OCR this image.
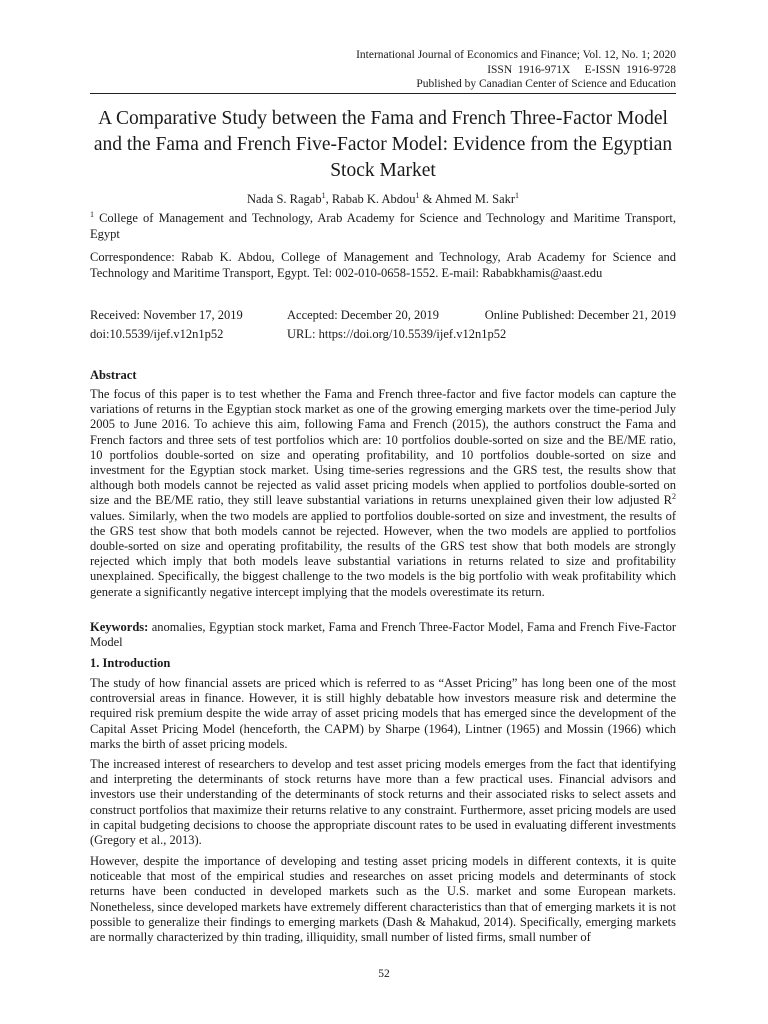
International Journal of Economics and Finance; Vol. 12, No. 1; 2020
ISSN  1916-971X     E-ISSN  1916-9728
Published by Canadian Center of Science and Education
A Comparative Study between the Fama and French Three-Factor Model and the Fama and French Five-Factor Model: Evidence from the Egyptian Stock Market
Nada S. Ragab$^1$, Rabab K. Abdou$^1$ & Ahmed M. Sakr$^1$
$^1$ College of Management and Technology, Arab Academy for Science and Technology and Maritime Transport, Egypt
Correspondence: Rabab K. Abdou, College of Management and Technology, Arab Academy for Science and Technology and Maritime Transport, Egypt. Tel: 002-010-0658-1552. E-mail: Rababkhamis@aast.edu
Received: November 17, 2019	Accepted: December 20, 2019	Online Published: December 21, 2019
doi:10.5539/ijef.v12n1p52	URL: https://doi.org/10.5539/ijef.v12n1p52
Abstract
The focus of this paper is to test whether the Fama and French three-factor and five factor models can capture the variations of returns in the Egyptian stock market as one of the growing emerging markets over the time-period July 2005 to June 2016. To achieve this aim, following Fama and French (2015), the authors construct the Fama and French factors and three sets of test portfolios which are: 10 portfolios double-sorted on size and the BE/ME ratio, 10 portfolios double-sorted on size and operating profitability, and 10 portfolios double-sorted on size and investment for the Egyptian stock market. Using time-series regressions and the GRS test, the results show that although both models cannot be rejected as valid asset pricing models when applied to portfolios double-sorted on size and the BE/ME ratio, they still leave substantial variations in returns unexplained given their low adjusted $R^2$ values. Similarly, when the two models are applied to portfolios double-sorted on size and investment, the results of the GRS test show that both models cannot be rejected. However, when the two models are applied to portfolios double-sorted on size and operating profitability, the results of the GRS test show that both models are strongly rejected which imply that both models leave substantial variations in returns related to size and profitability unexplained. Specifically, the biggest challenge to the two models is the big portfolio with weak profitability which generate a significantly negative intercept implying that the models overestimate its return.
Keywords: anomalies, Egyptian stock market, Fama and French Three-Factor Model, Fama and French Five-Factor Model
1. Introduction
The study of how financial assets are priced which is referred to as “Asset Pricing” has long been one of the most controversial areas in finance. However, it is still highly debatable how investors measure risk and determine the required risk premium despite the wide array of asset pricing models that has emerged since the development of the Capital Asset Pricing Model (henceforth, the CAPM) by Sharpe (1964), Lintner (1965) and Mossin (1966) which marks the birth of asset pricing models.
The increased interest of researchers to develop and test asset pricing models emerges from the fact that identifying and interpreting the determinants of stock returns have more than a few practical uses. Financial advisors and investors use their understanding of the determinants of stock returns and their associated risks to select assets and construct portfolios that maximize their returns relative to any constraint. Furthermore, asset pricing models are used in capital budgeting decisions to choose the appropriate discount rates to be used in evaluating different investments (Gregory et al., 2013).
However, despite the importance of developing and testing asset pricing models in different contexts, it is quite noticeable that most of the empirical studies and researches on asset pricing models and determinants of stock returns have been conducted in developed markets such as the U.S. market and some European markets. Nonetheless, since developed markets have extremely different characteristics than that of emerging markets it is not possible to generalize their findings to emerging markets (Dash & Mahakud, 2014). Specifically, emerging markets are normally characterized by thin trading, illiquidity, small number of listed firms, small number of
52
